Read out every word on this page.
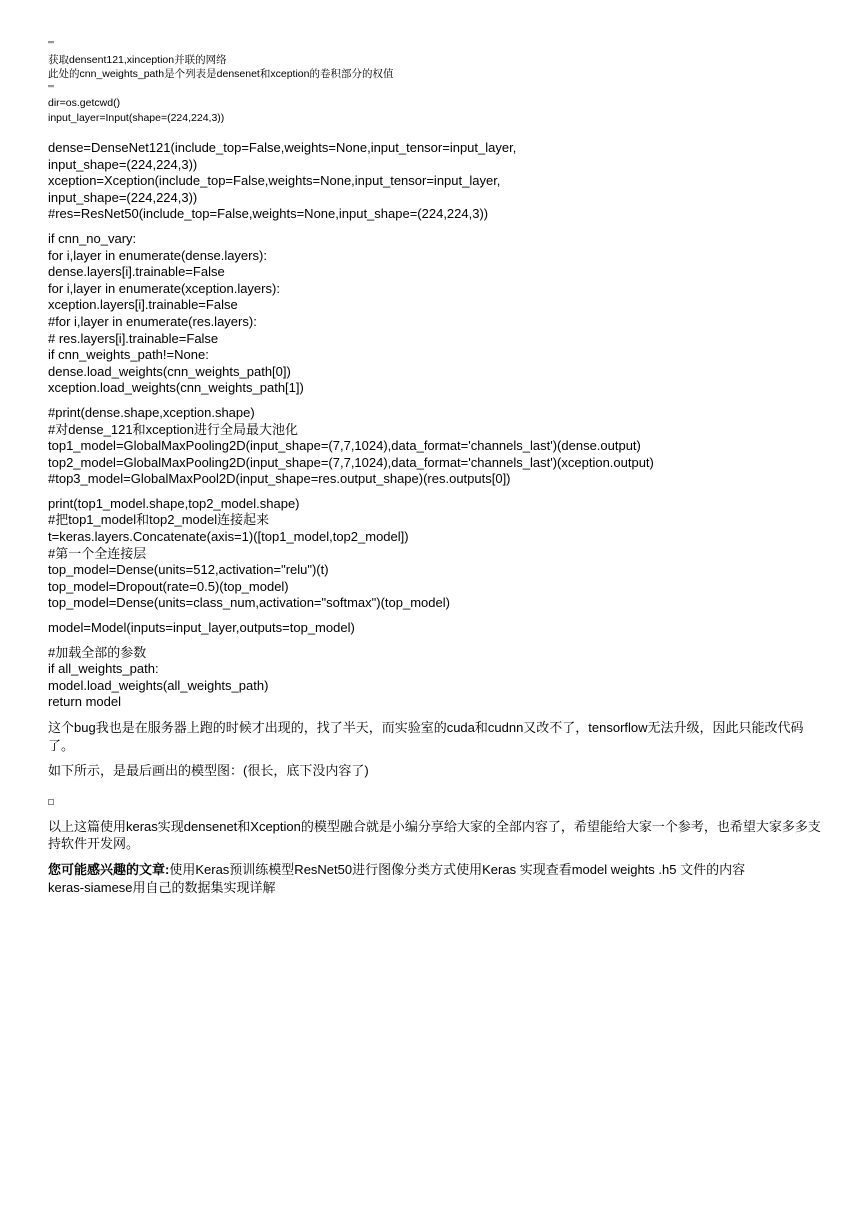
'''
获取densent121,xinception并联的网络
此处的cnn_weights_path是个列表是densenet和xception的卷积部分的权值
'''
dir=os.getcwd()
input_layer=Input(shape=(224,224,3))
dense=DenseNet121(include_top=False,weights=None,input_tensor=input_layer,
input_shape=(224,224,3))
xception=Xception(include_top=False,weights=None,input_tensor=input_layer,
input_shape=(224,224,3))
#res=ResNet50(include_top=False,weights=None,input_shape=(224,224,3))
if cnn_no_vary:
for i,layer in enumerate(dense.layers):
dense.layers[i].trainable=False
for i,layer in enumerate(xception.layers):
xception.layers[i].trainable=False
#for i,layer in enumerate(res.layers):
# res.layers[i].trainable=False
if cnn_weights_path!=None:
dense.load_weights(cnn_weights_path[0])
xception.load_weights(cnn_weights_path[1])
#print(dense.shape,xception.shape)
#对dense_121和xception进行全局最大池化
top1_model=GlobalMaxPooling2D(input_shape=(7,7,1024),data_format='channels_last')(dense.output)
top2_model=GlobalMaxPooling2D(input_shape=(7,7,1024),data_format='channels_last')(xception.output)
#top3_model=GlobalMaxPool2D(input_shape=res.output_shape)(res.outputs[0])
print(top1_model.shape,top2_model.shape)
#把top1_model和top2_model连接起来
t=keras.layers.Concatenate(axis=1)([top1_model,top2_model])
#第一个全连接层
top_model=Dense(units=512,activation="relu")(t)
top_model=Dropout(rate=0.5)(top_model)
top_model=Dense(units=class_num,activation="softmax")(top_model)
model=Model(inputs=input_layer,outputs=top_model)
#加载全部的参数
if all_weights_path:
model.load_weights(all_weights_path)
return model
这个bug我也是在服务器上跑的时候才出现的，找了半天，而实验室的cuda和cudnn又改不了，tensorflow无法升级，因此只能改代码了。
如下所示，是最后画出的模型图：(很长，底下没内容了)
以上这篇使用keras实现densenet和Xception的模型融合就是小编分享给大家的全部内容了，希望能给大家一个参考，也希望大家多多支持软件开发网。
您可能感兴趣的文章:使用Keras预训练模型ResNet50进行图像分类方式使用Keras 实现查看model weights .h5 文件的内容
keras-siamese用自己的数据集实现详解
